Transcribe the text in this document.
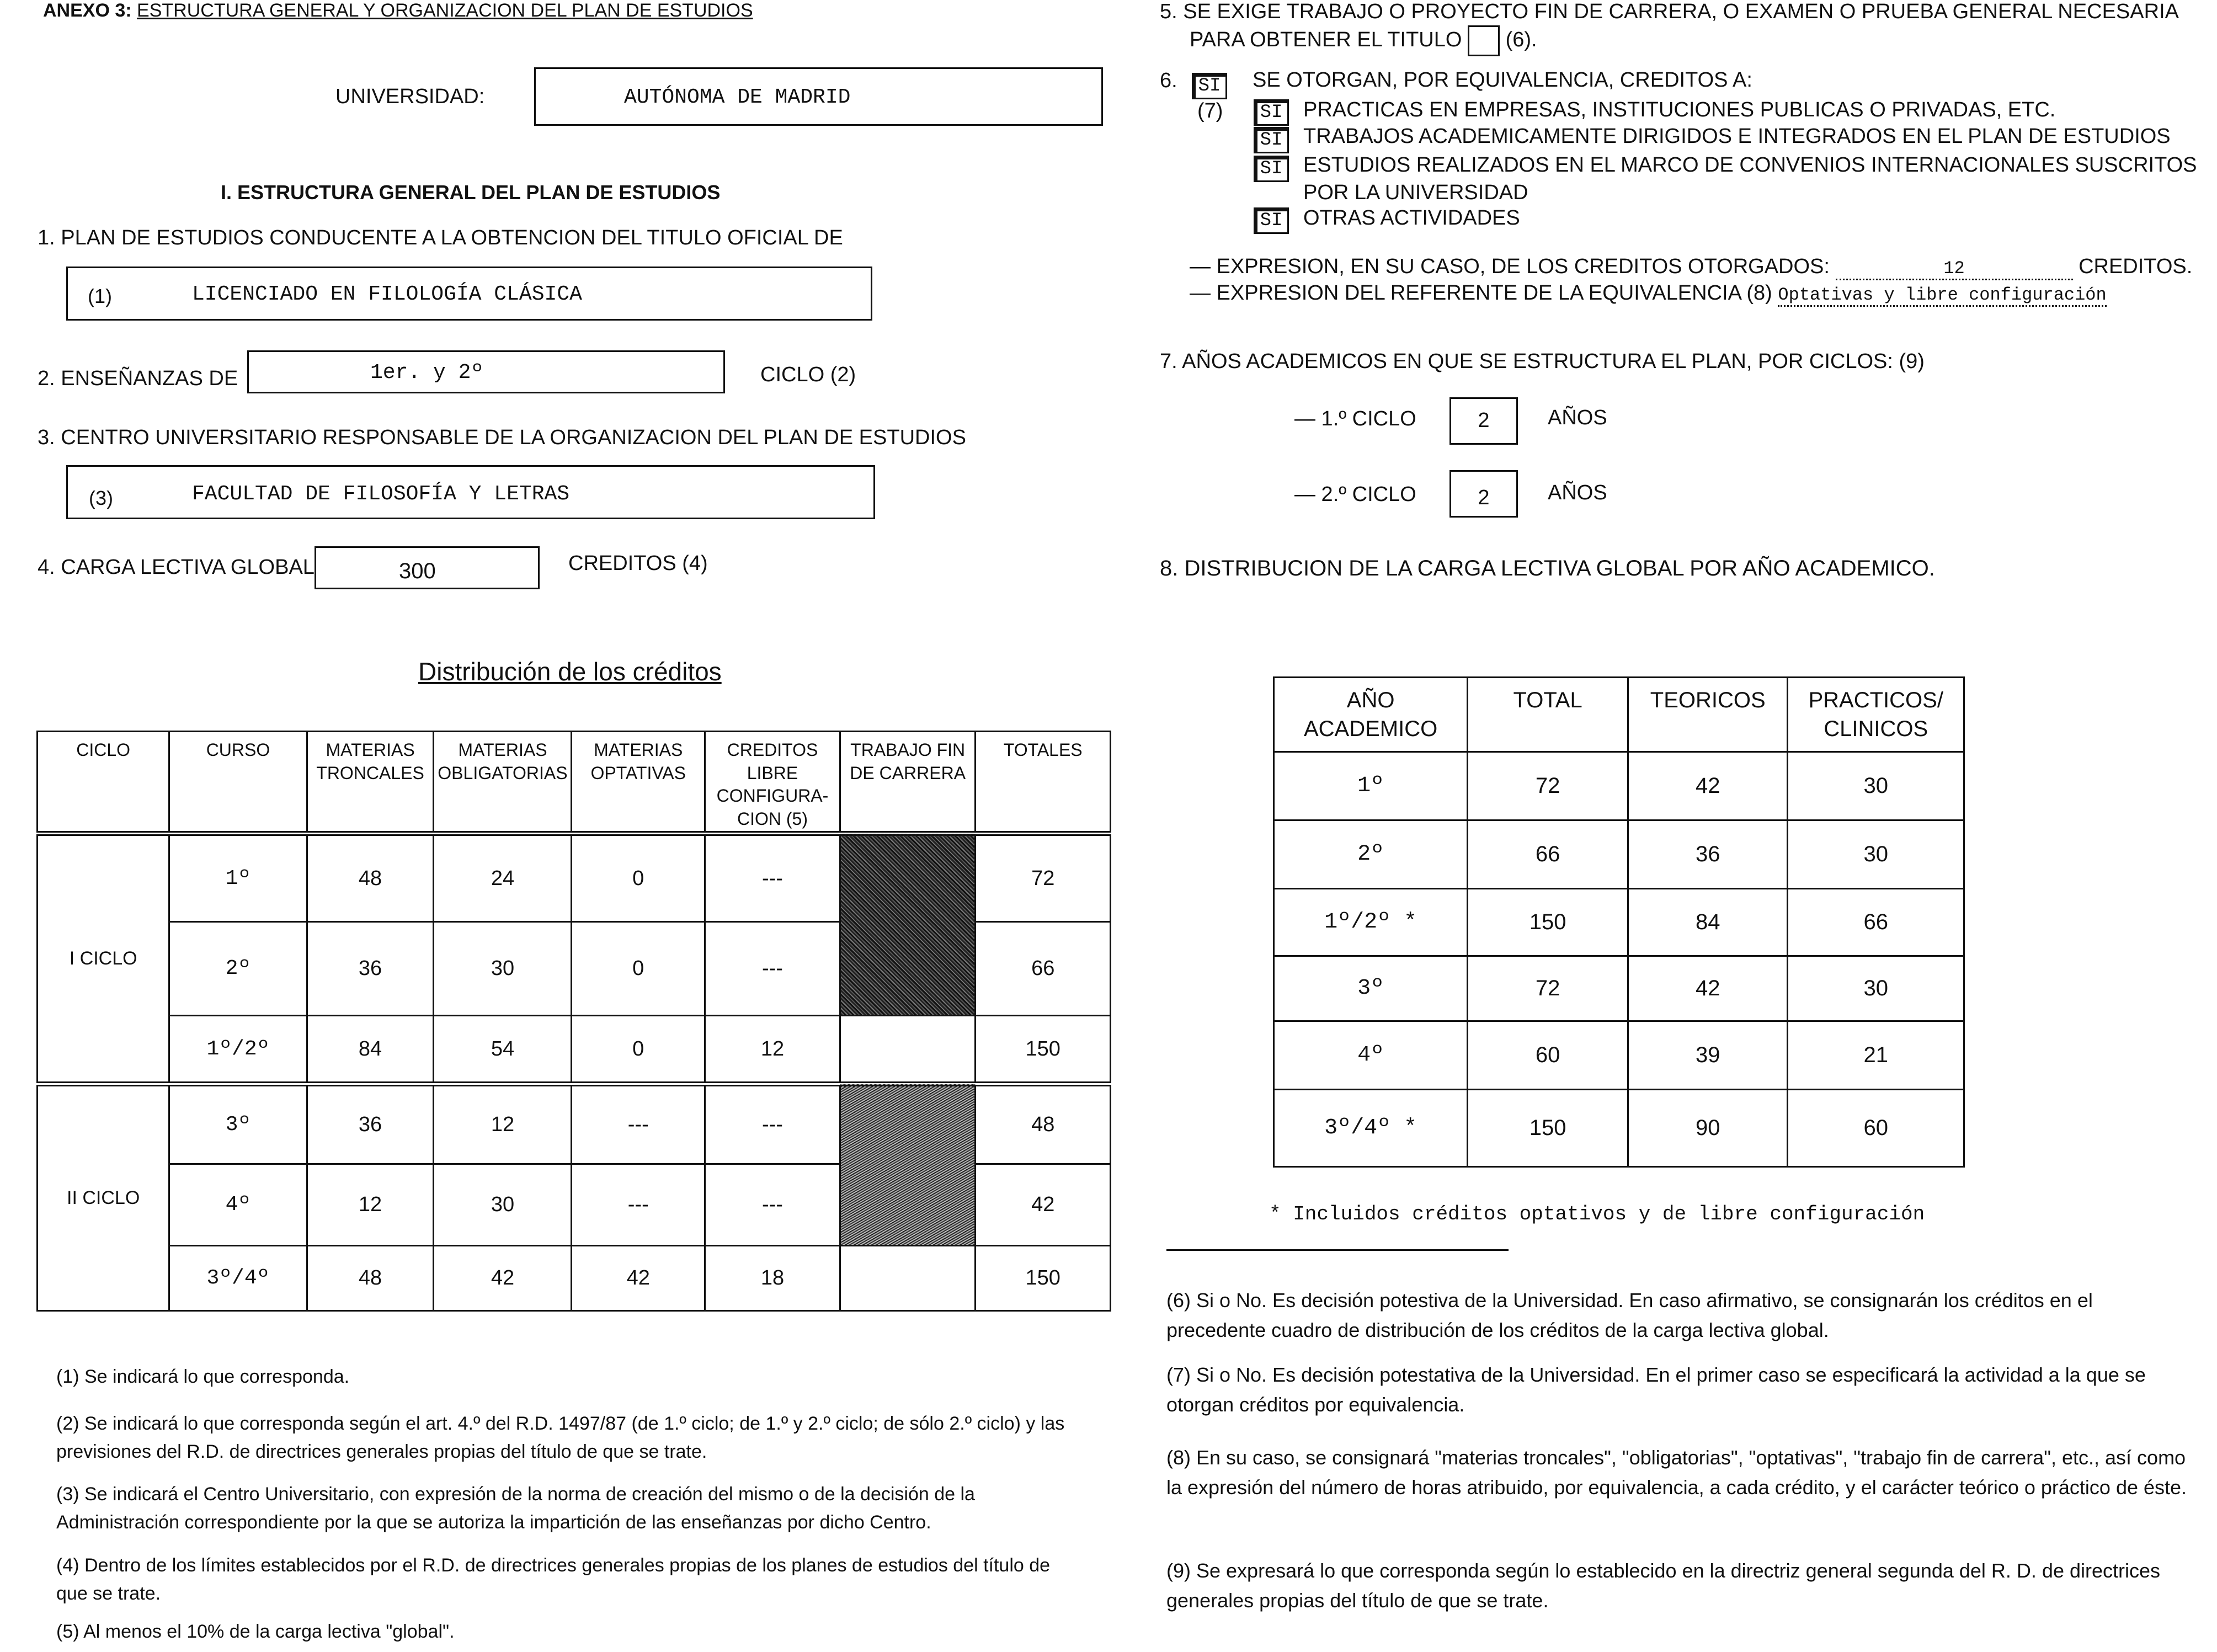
ANEXO 3: ESTRUCTURA GENERAL Y ORGANIZACION DEL PLAN DE ESTUDIOS
UNIVERSIDAD:	AUTÓNOMA DE MADRID
I. ESTRUCTURA GENERAL DEL PLAN DE ESTUDIOS
1. PLAN DE ESTUDIOS CONDUCENTE A LA OBTENCION DEL TITULO OFICIAL DE
(1)	LICENCIADO EN FILOLOGÍA CLÁSICA
2. ENSEÑANZAS DE	1er. y 2º	CICLO (2)
3. CENTRO UNIVERSITARIO RESPONSABLE DE LA ORGANIZACION DEL PLAN DE ESTUDIOS
(3)	FACULTAD DE FILOSOFÍA Y LETRAS
4. CARGA LECTIVA GLOBAL	300	CREDITOS (4)
Distribución de los créditos
CICLO	CURSO	MATERIAS TRONCALES	MATERIAS OBLIGATORIAS	MATERIAS OPTATIVAS	CREDITOS LIBRE CONFIGURA-CION (5)	TRABAJO FIN DE CARRERA	TOTALES
I CICLO	1º	48	24	0	---		72
	2º	36	30	0	---		66
	1º/2º	84	54	0	12		150
II CICLO	3º	36	12	---	---		48
	4º	12	30	---	---		42
	3º/4º	48	42	42	18		150
(1) Se indicará lo que corresponda.
(2) Se indicará lo que corresponda según el art. 4.º del R.D. 1497/87 (de 1.º ciclo; de 1.º y 2.º ciclo; de sólo 2.º ciclo) y las previsiones del R.D. de directrices generales propias del título de que se trate.
(3) Se indicará el Centro Universitario, con expresión de la norma de creación del mismo o de la decisión de la Administración correspondiente por la que se autoriza la impartición de las enseñanzas por dicho Centro.
(4) Dentro de los límites establecidos por el R.D. de directrices generales propias de los planes de estudios del título de que se trate.
(5) Al menos el 10% de la carga lectiva "global".
5. SE EXIGE TRABAJO O PROYECTO FIN DE CARRERA, O EXAMEN O PRUEBA GENERAL NECESARIA
PARA OBTENER EL TITULO (6).
6.	SI
(7)
SE OTORGAN, POR EQUIVALENCIA, CREDITOS A:
SI PRACTICAS EN EMPRESAS, INSTITUCIONES PUBLICAS O PRIVADAS, ETC.
SI TRABAJOS ACADEMICAMENTE DIRIGIDOS E INTEGRADOS EN EL PLAN DE ESTUDIOS
SI ESTUDIOS REALIZADOS EN EL MARCO DE CONVENIOS INTERNACIONALES SUSCRITOS
POR LA UNIVERSIDAD
SI OTRAS ACTIVIDADES
— EXPRESION, EN SU CASO, DE LOS CREDITOS OTORGADOS:	12	CREDITOS.
— EXPRESION DEL REFERENTE DE LA EQUIVALENCIA (8) Optativas y libre configuración
7. AÑOS ACADEMICOS EN QUE SE ESTRUCTURA EL PLAN, POR CICLOS: (9)
— 1.º CICLO	2	AÑOS
— 2.º CICLO	2	AÑOS
8. DISTRIBUCION DE LA CARGA LECTIVA GLOBAL POR AÑO ACADEMICO.
AÑO ACADEMICO	TOTAL	TEORICOS	PRACTICOS/ CLINICOS
1º	72	42	30
2º	66	36	30
1º/2º *	150	84	66
3º	72	42	30
4º	60	39	21
3º/4º *	150	90	60
* Incluidos créditos optativos y de libre configuración
(6) Si o No. Es decisión potestiva de la Universidad. En caso afirmativo, se consignarán los créditos en el precedente cuadro de distribución de los créditos de la carga lectiva global.
(7) Si o No. Es decisión potestativa de la Universidad. En el primer caso se especificará la actividad a la que se otorgan créditos por equivalencia.
(8) En su caso, se consignará "materias troncales", "obligatorias", "optativas", "trabajo fin de carrera", etc., así como la expresión del número de horas atribuido, por equivalencia, a cada crédito, y el carácter teórico o práctico de éste.
(9) Se expresará lo que corresponda según lo establecido en la directriz general segunda del R. D. de directrices generales propias del título de que se trate.
